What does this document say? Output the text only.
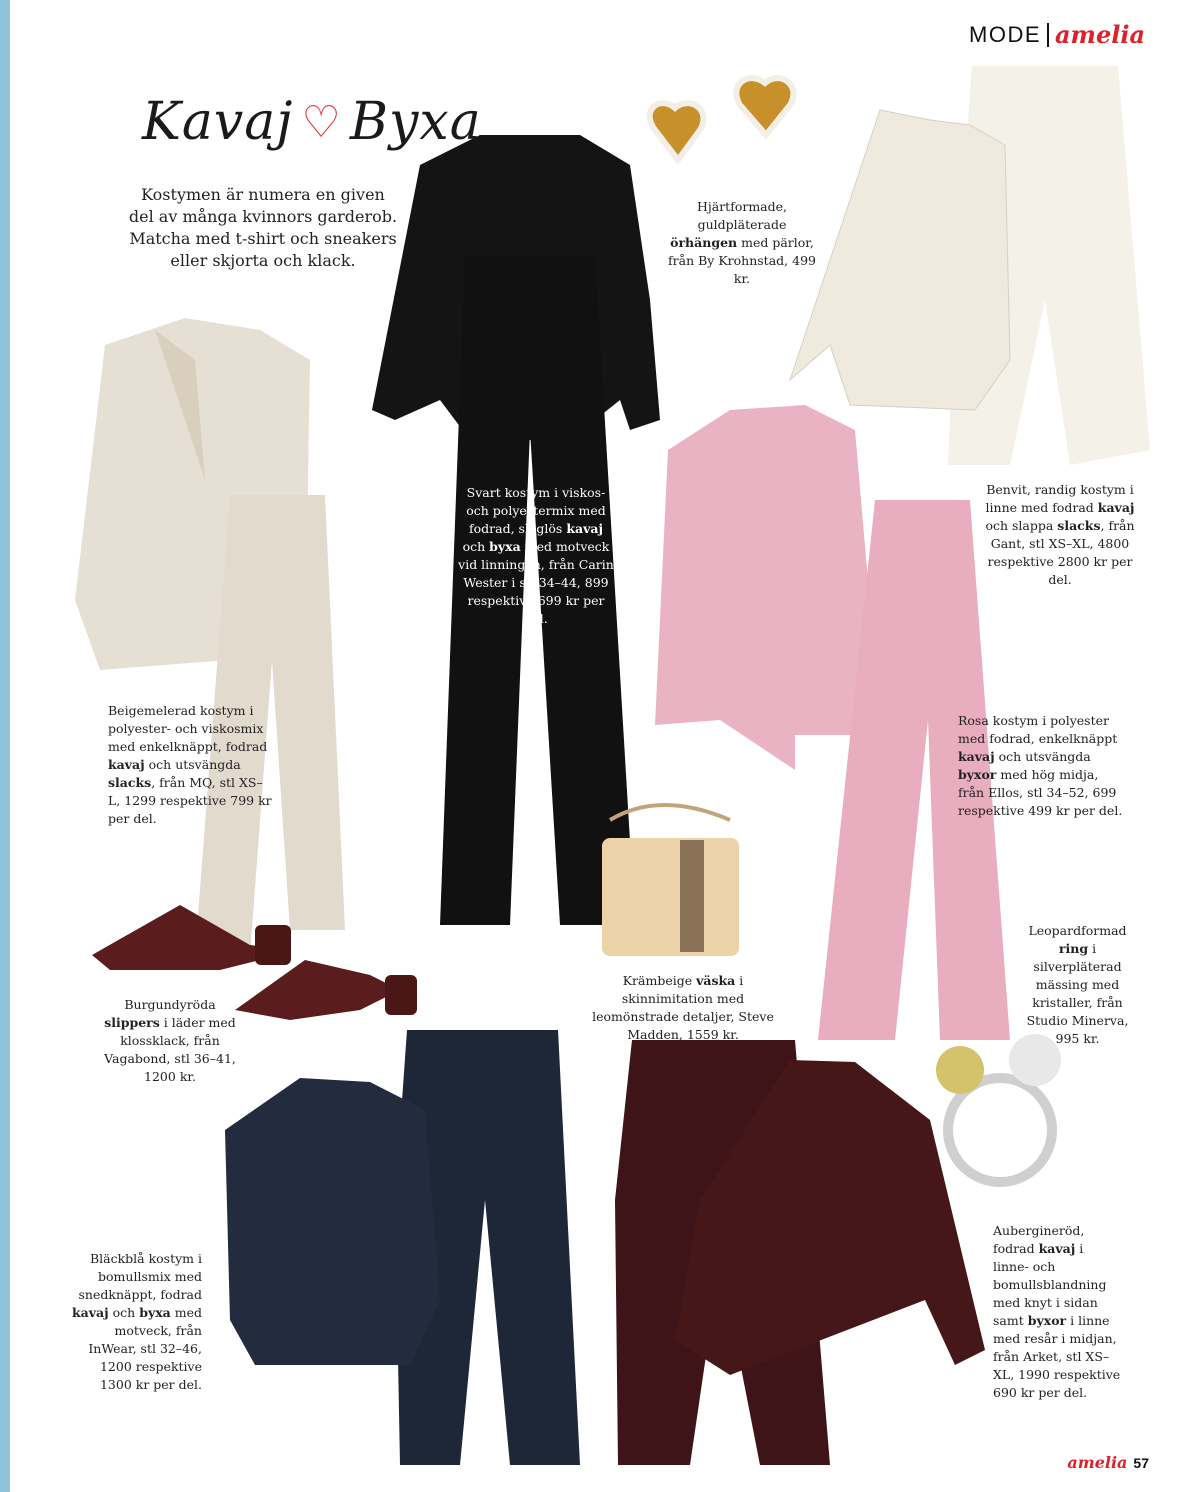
MODE amelia
Kavaj ♡ Byxa

Kostymen är numera en given del av många kvinnors garderob. Matcha med t-shirt och sneakers eller skjorta och klack.

Hjärtformade, guldpläterade örhängen med pärlor, från By Krohnstad, 499 kr.
Svart kostym i viskos- och polyestermix med fodrad, slaglös kavaj och byxa med motveck vid linningen, från Carin Wester i stl 34–44, 899 respektive 699 kr per del.
Benvit, randig kostym i linne med fodrad kavaj och slappa slacks, från Gant, stl XS–XL, 4800 respektive 2800 kr per del.
Beigemelerad kostym i polyester- och viskosmix med enkelknäppt, fodrad kavaj och utsvängda slacks, från MQ, stl XS–L, 1299 respektive 799 kr per del.
Rosa kostym i polyester med fodrad, enkelknäppt kavaj och utsvängda byxor med hög midja, från Ellos, stl 34–52, 699 respektive 499 kr per del.
Krämbeige väska i skinnimitation med leomönstrade detaljer, Steve Madden, 1559 kr.
Leopardformad ring i silverpläterad mässing med kristaller, från Studio Minerva, 995 kr.
Burgundyröda slippers i läder med klossklack, från Vagabond, stl 36–41, 1200 kr.
Bläckblå kostym i bomullsmix med snedknäppt, fodrad kavaj och byxa med motveck, från InWear, stl 32–46, 1200 respektive 1300 kr per del.
Auberginеröd, fodrad kavaj i linne- och bomullsblandning med knyt i sidan samt byxor i linne med resår i midjan, från Arket, stl XS–XL, 1990 respektive 690 kr per del.
amelia 57
